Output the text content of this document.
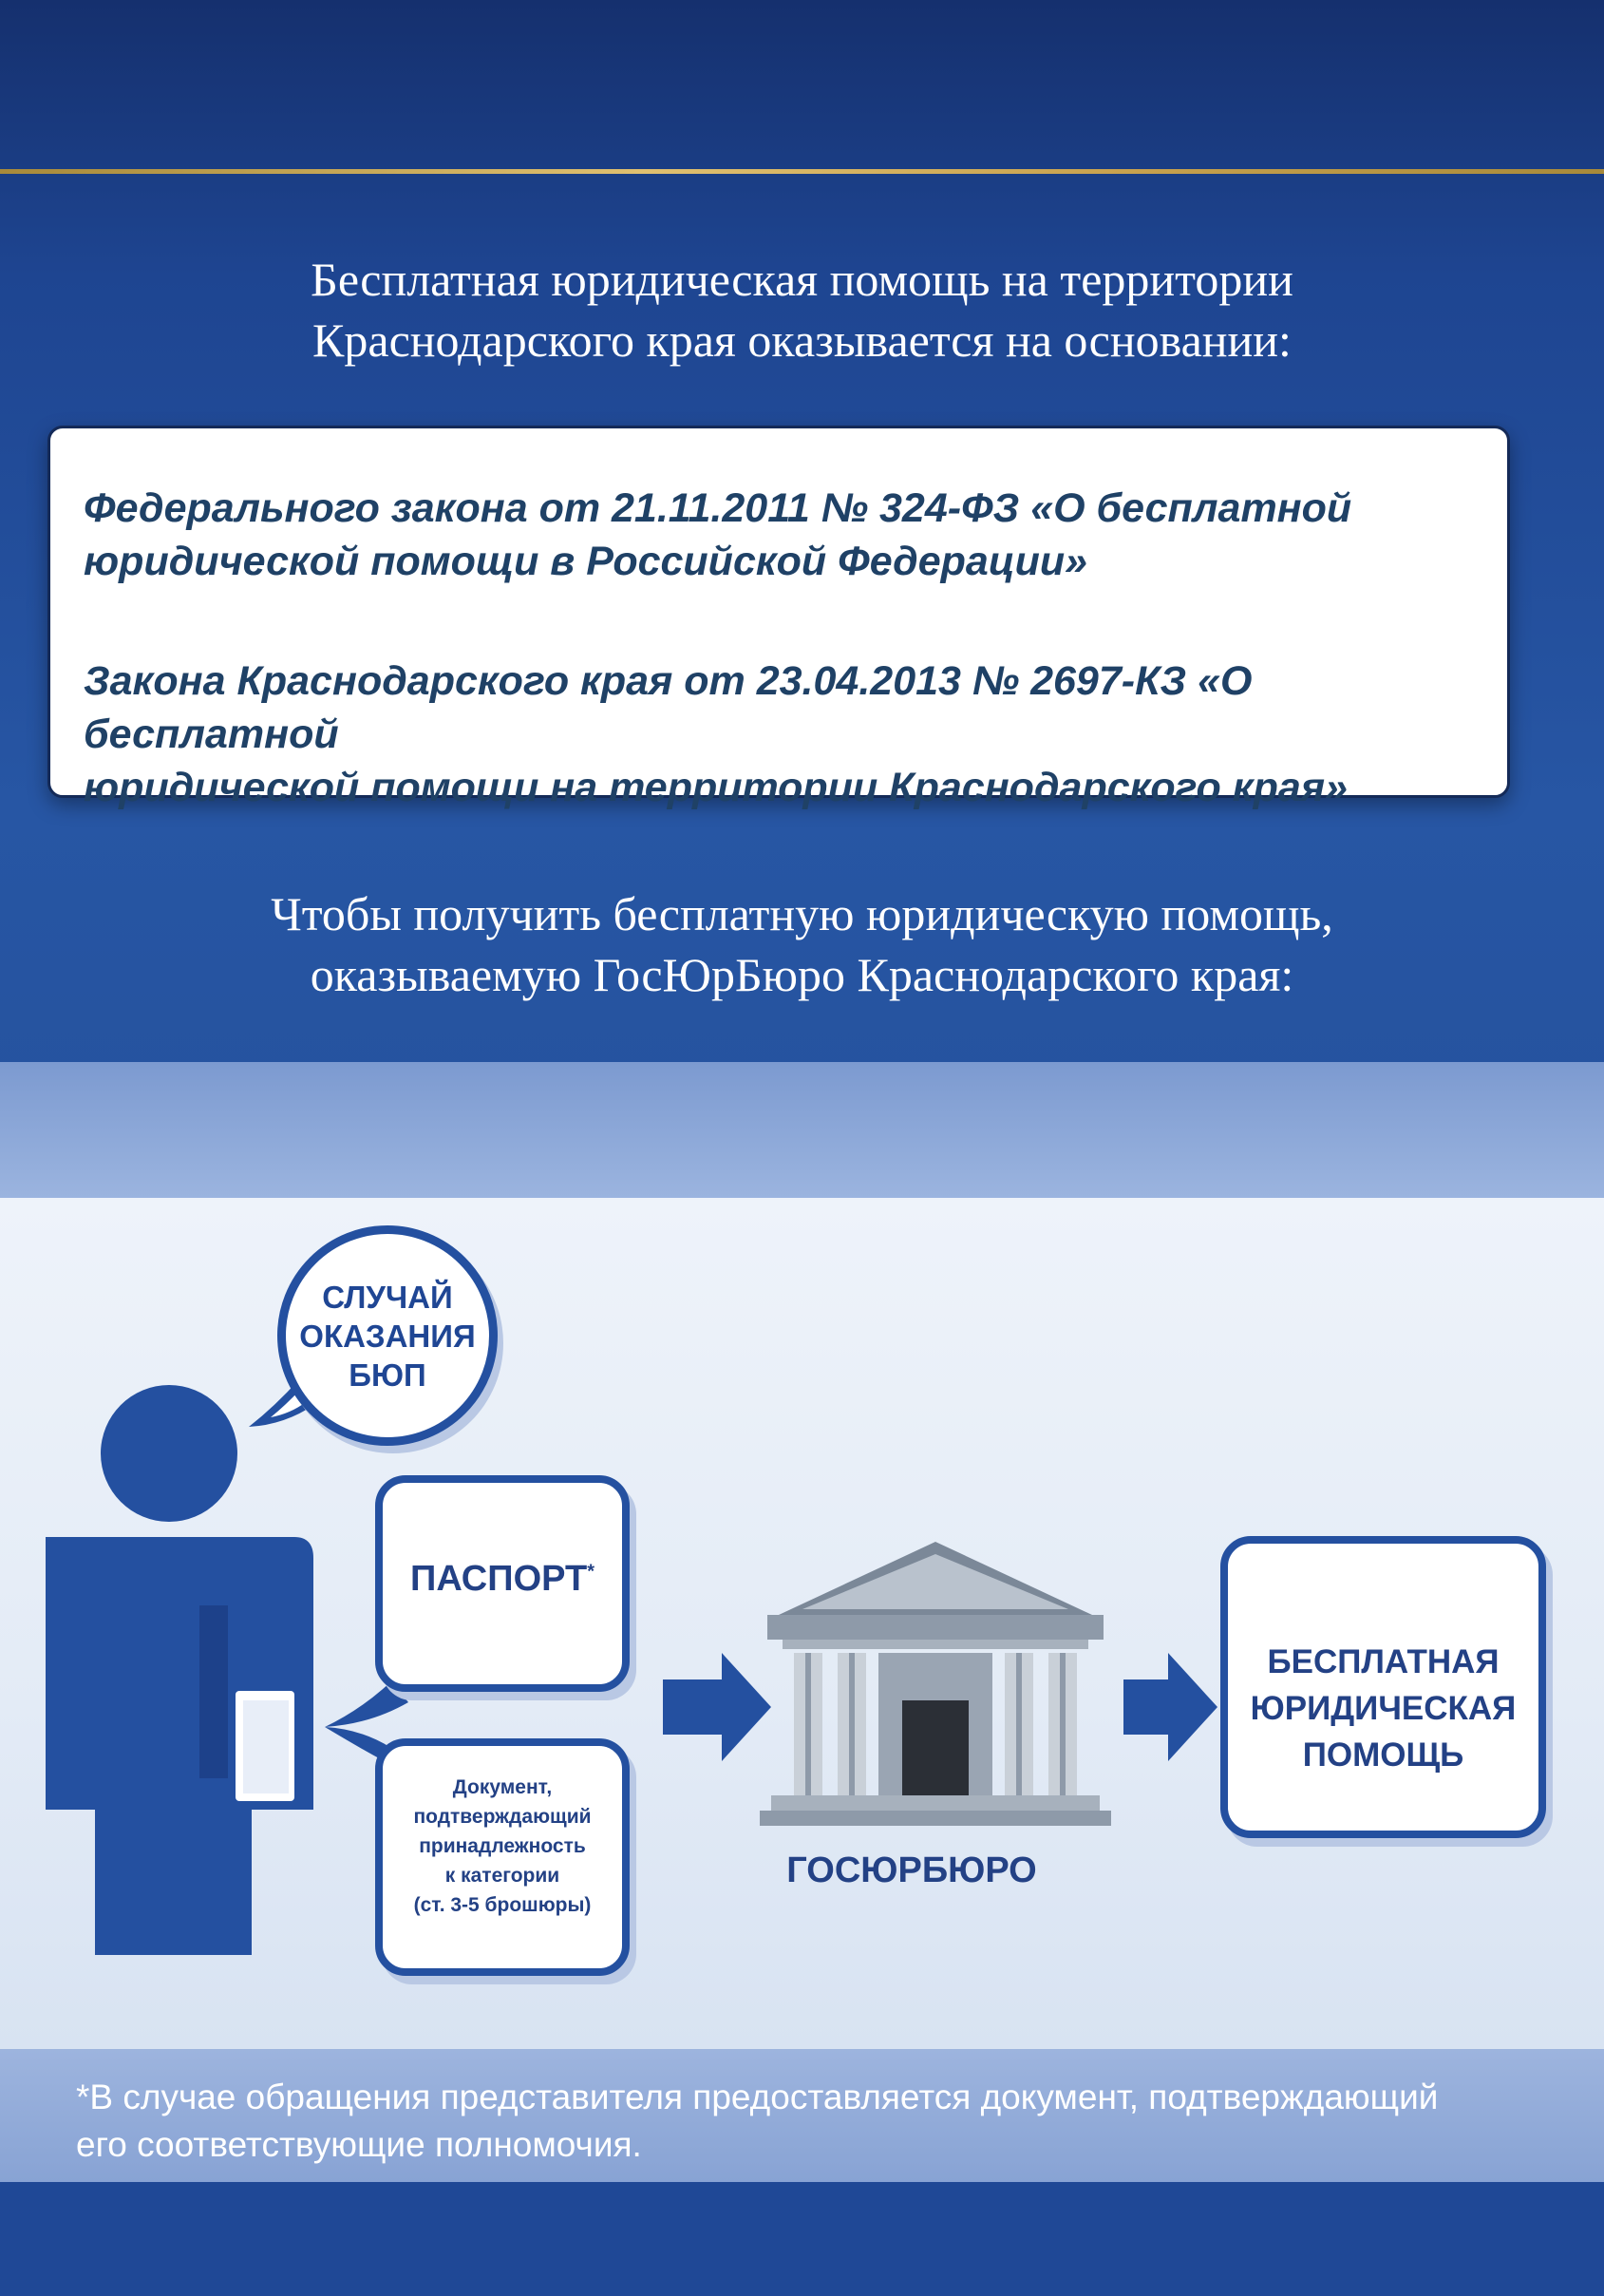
Бесплатная юридическая помощь на территории
Краснодарского края оказывается на основании:
Федерального закона от 21.11.2011 № 324-ФЗ «О бесплатной
юридической помощи в Российской Федерации»
Закона Краснодарского края от 23.04.2013 № 2697-КЗ «О бесплатной
юридической помощи на территории Краснодарского края»
Чтобы получить бесплатную юридическую помощь,
оказываемую ГосЮрБюро Краснодарского края:
СЛУЧАЙ
ОКАЗАНИЯ
БЮП
ПАСПОРТ*
Документ,
подтверждающий
принадлежность
к категории
(ст. 3-5 брошюры)
ГОСЮРБЮРО
БЕСПЛАТНАЯ
ЮРИДИЧЕСКАЯ
ПОМОЩЬ
*В случае обращения представителя предоставляется документ, подтверждающий
его соответствующие полномочия.
